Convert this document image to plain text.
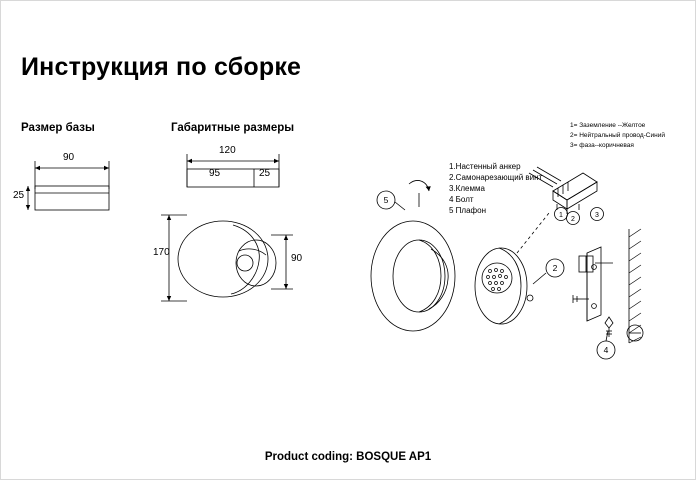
Инструкция по сборке
Размер базы	Габаритные размеры
90
25
120
95	25
170
90
1.Настенный анкер
2.Самонарезающий винт
3.Клемма
4 Болт
5 Плафон
1= Заземление --Желтое
2= Нейтральный провод-Синий
3= фаза--коричневая
5
2
4
1
2
3
Product coding: BOSQUE AP1
